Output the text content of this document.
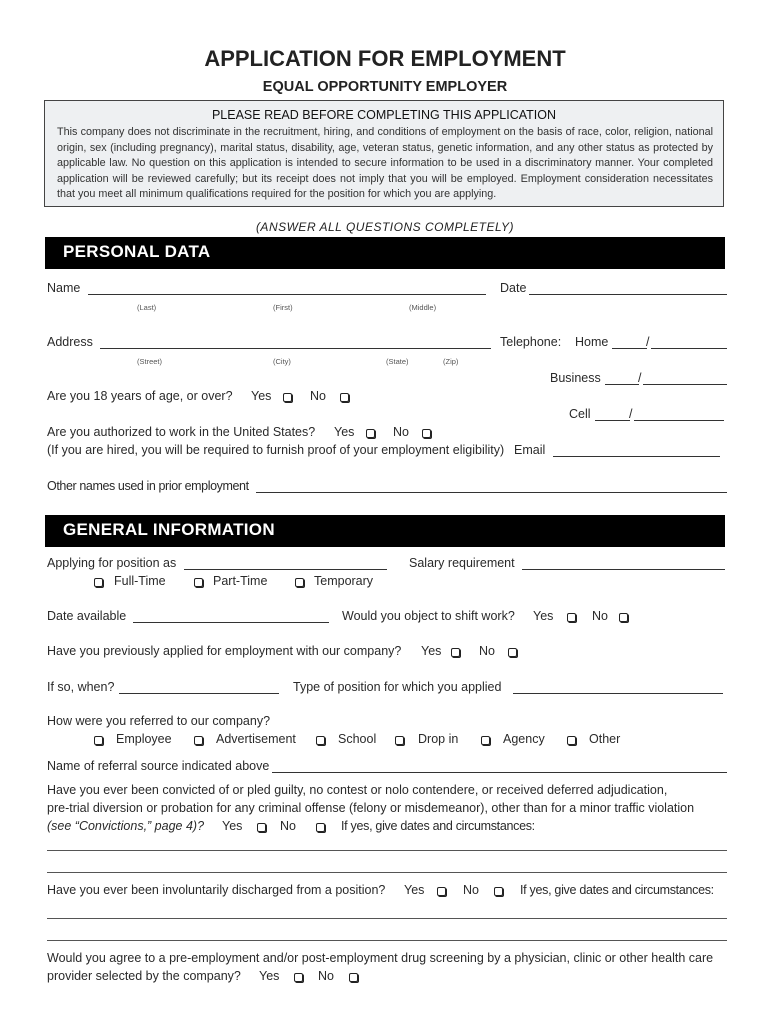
APPLICATION FOR EMPLOYMENT
EQUAL OPPORTUNITY EMPLOYER
PLEASE READ BEFORE COMPLETING THIS APPLICATION
This company does not discriminate in the recruitment, hiring, and conditions of employment on the basis of race, color, religion, national origin, sex (including pregnancy), marital status, disability, age, veteran status, genetic information, and any other status as protected by applicable law. No question on this application is intended to secure information to be used in a discriminatory manner. Your completed application will be reviewed carefully; but its receipt does not imply that you will be employed. Employment consideration necessitates that you meet all minimum qualifications required for the position for which you are applying.
(ANSWER ALL QUESTIONS COMPLETELY)
PERSONAL DATA
Name
(Last)	(First)	(Middle)
Date
Address
(Street)	(City)	(State)	(Zip)
Telephone: Home	/
Business	/
Are you 18 years of age, or over? Yes	No
Cell	/
Are you authorized to work in the United States? Yes	No
(If you are hired, you will be required to furnish proof of your employment eligibility) Email
Other names used in prior employment
GENERAL INFORMATION
Applying for position as	Salary requirement
Full-Time	Part-Time	Temporary
Date available	Would you object to shift work? Yes	No
Have you previously applied for employment with our company? Yes	No
If so, when?	Type of position for which you applied
How were you referred to our company?
Employee	Advertisement	School	Drop in	Agency	Other
Name of referral source indicated above
Have you ever been convicted of or pled guilty, no contest or nolo contendere, or received deferred adjudication,
pre-trial diversion or probation for any criminal offense (felony or misdemeanor), other than for a minor traffic violation
(see “Convictions,” page 4)? Yes	No	If yes, give dates and circumstances:
Have you ever been involuntarily discharged from a position? Yes	No	If yes, give dates and circumstances:
Would you agree to a pre-employment and/or post-employment drug screening by a physician, clinic or other health care
provider selected by the company? Yes	No
